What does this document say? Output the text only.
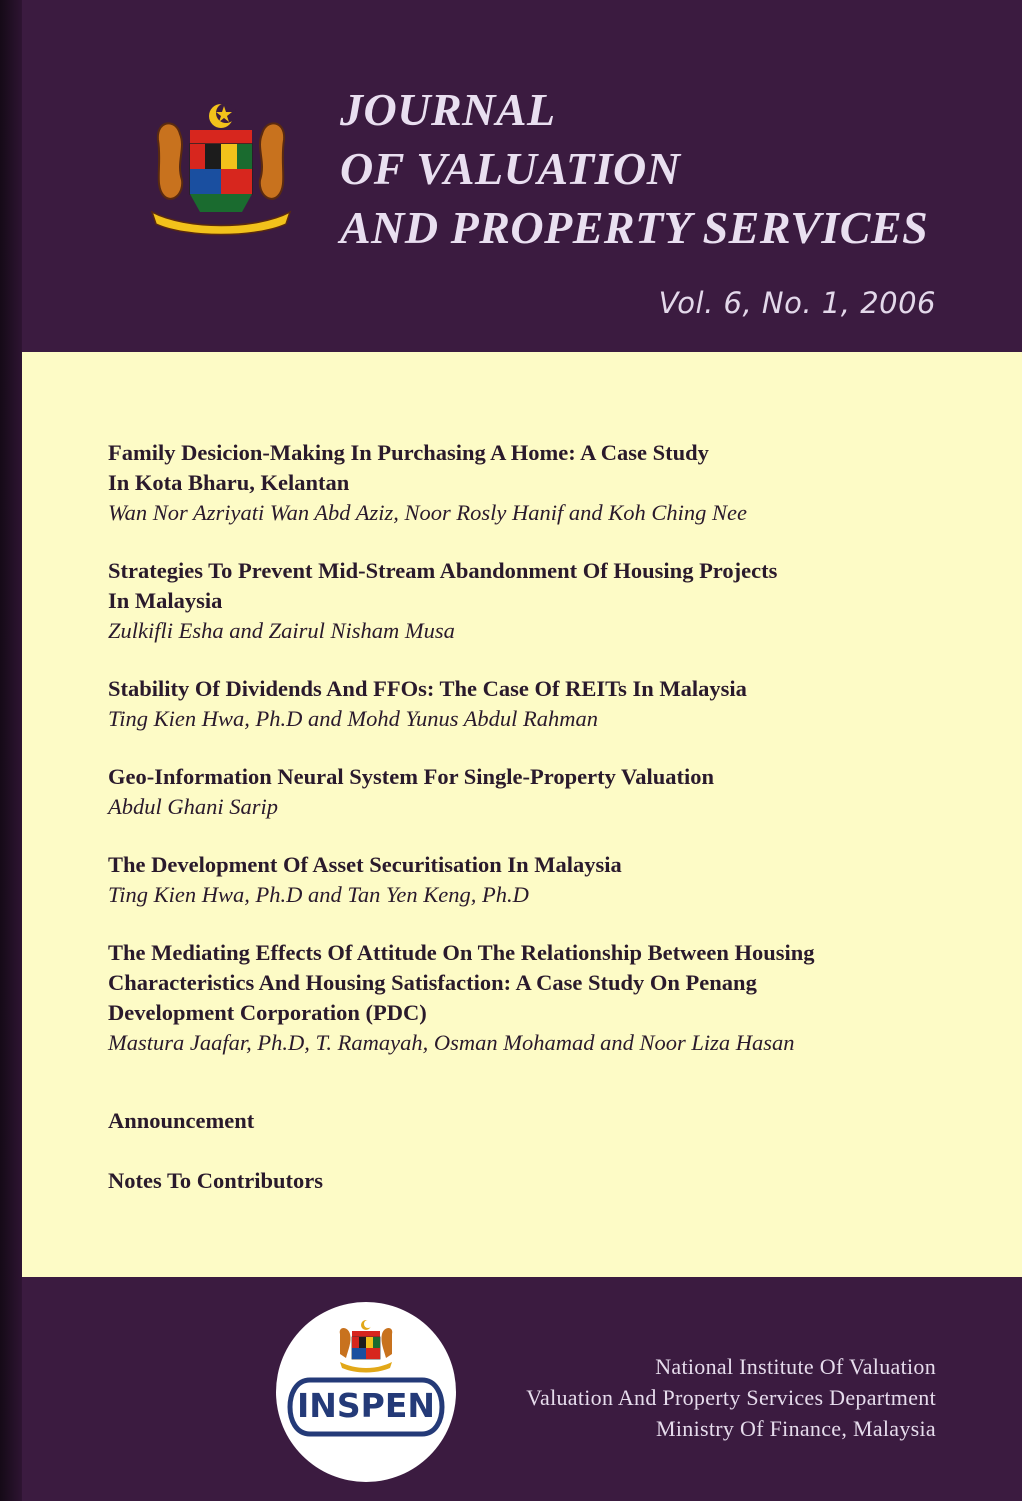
JOURNAL
OF VALUATION
AND PROPERTY SERVICES
Vol. 6, No. 1, 2006
Family Desicion-Making In Purchasing A Home: A Case Study
In Kota Bharu, Kelantan
Wan Nor Azriyati Wan Abd Aziz, Noor Rosly Hanif and Koh Ching Nee
Strategies To Prevent Mid-Stream Abandonment Of Housing Projects
In Malaysia
Zulkifli Esha and Zairul Nisham Musa
Stability Of Dividends And FFOs: The Case Of REITs In Malaysia
Ting Kien Hwa, Ph.D and Mohd Yunus Abdul Rahman
Geo-Information Neural System For Single-Property Valuation
Abdul Ghani Sarip
The Development Of Asset Securitisation In Malaysia
Ting Kien Hwa, Ph.D and Tan Yen Keng, Ph.D
The Mediating Effects Of Attitude On The Relationship Between Housing
Characteristics And Housing Satisfaction: A Case Study On Penang
Development Corporation (PDC)
Mastura Jaafar, Ph.D, T. Ramayah, Osman Mohamad and Noor Liza Hasan
Announcement
Notes To Contributors
INSPEN
National Institute Of Valuation
Valuation And Property Services Department
Ministry Of Finance, Malaysia
